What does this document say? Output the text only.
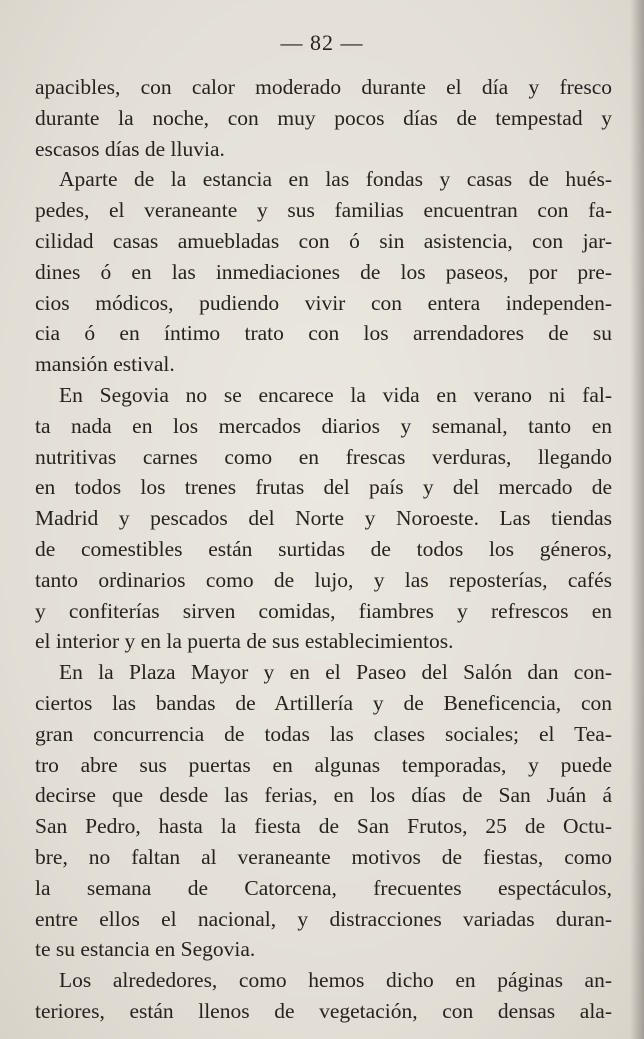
— 82 —
apacibles, con calor moderado durante el día y fresco
durante la noche, con muy pocos días de tempestad y
escasos días de lluvia.
Aparte de la estancia en las fondas y casas de hués-
pedes, el veraneante y sus familias encuentran con fa-
cilidad casas amuebladas con ó sin asistencia, con jar-
dines ó en las inmediaciones de los paseos, por pre-
cios módicos, pudiendo vivir con entera independen-
cia ó en íntimo trato con los arrendadores de su
mansión estival.
En Segovia no se encarece la vida en verano ni fal-
ta nada en los mercados diarios y semanal, tanto en
nutritivas carnes como en frescas verduras, llegando
en todos los trenes frutas del país y del mercado de
Madrid y pescados del Norte y Noroeste. Las tiendas
de comestibles están surtidas de todos los géneros,
tanto ordinarios como de lujo, y las reposterías, cafés
y confiterías sirven comidas, fiambres y refrescos en
el interior y en la puerta de sus establecimientos.
En la Plaza Mayor y en el Paseo del Salón dan con-
ciertos las bandas de Artillería y de Beneficencia, con
gran concurrencia de todas las clases sociales; el Tea-
tro abre sus puertas en algunas temporadas, y puede
decirse que desde las ferias, en los días de San Juán á
San Pedro, hasta la fiesta de San Frutos, 25 de Octu-
bre, no faltan al veraneante motivos de fiestas, como
la semana de Catorcena, frecuentes espectáculos,
entre ellos el nacional, y distracciones variadas duran-
te su estancia en Segovia.
Los alrededores, como hemos dicho en páginas an-
teriores, están llenos de vegetación, con densas ala-
